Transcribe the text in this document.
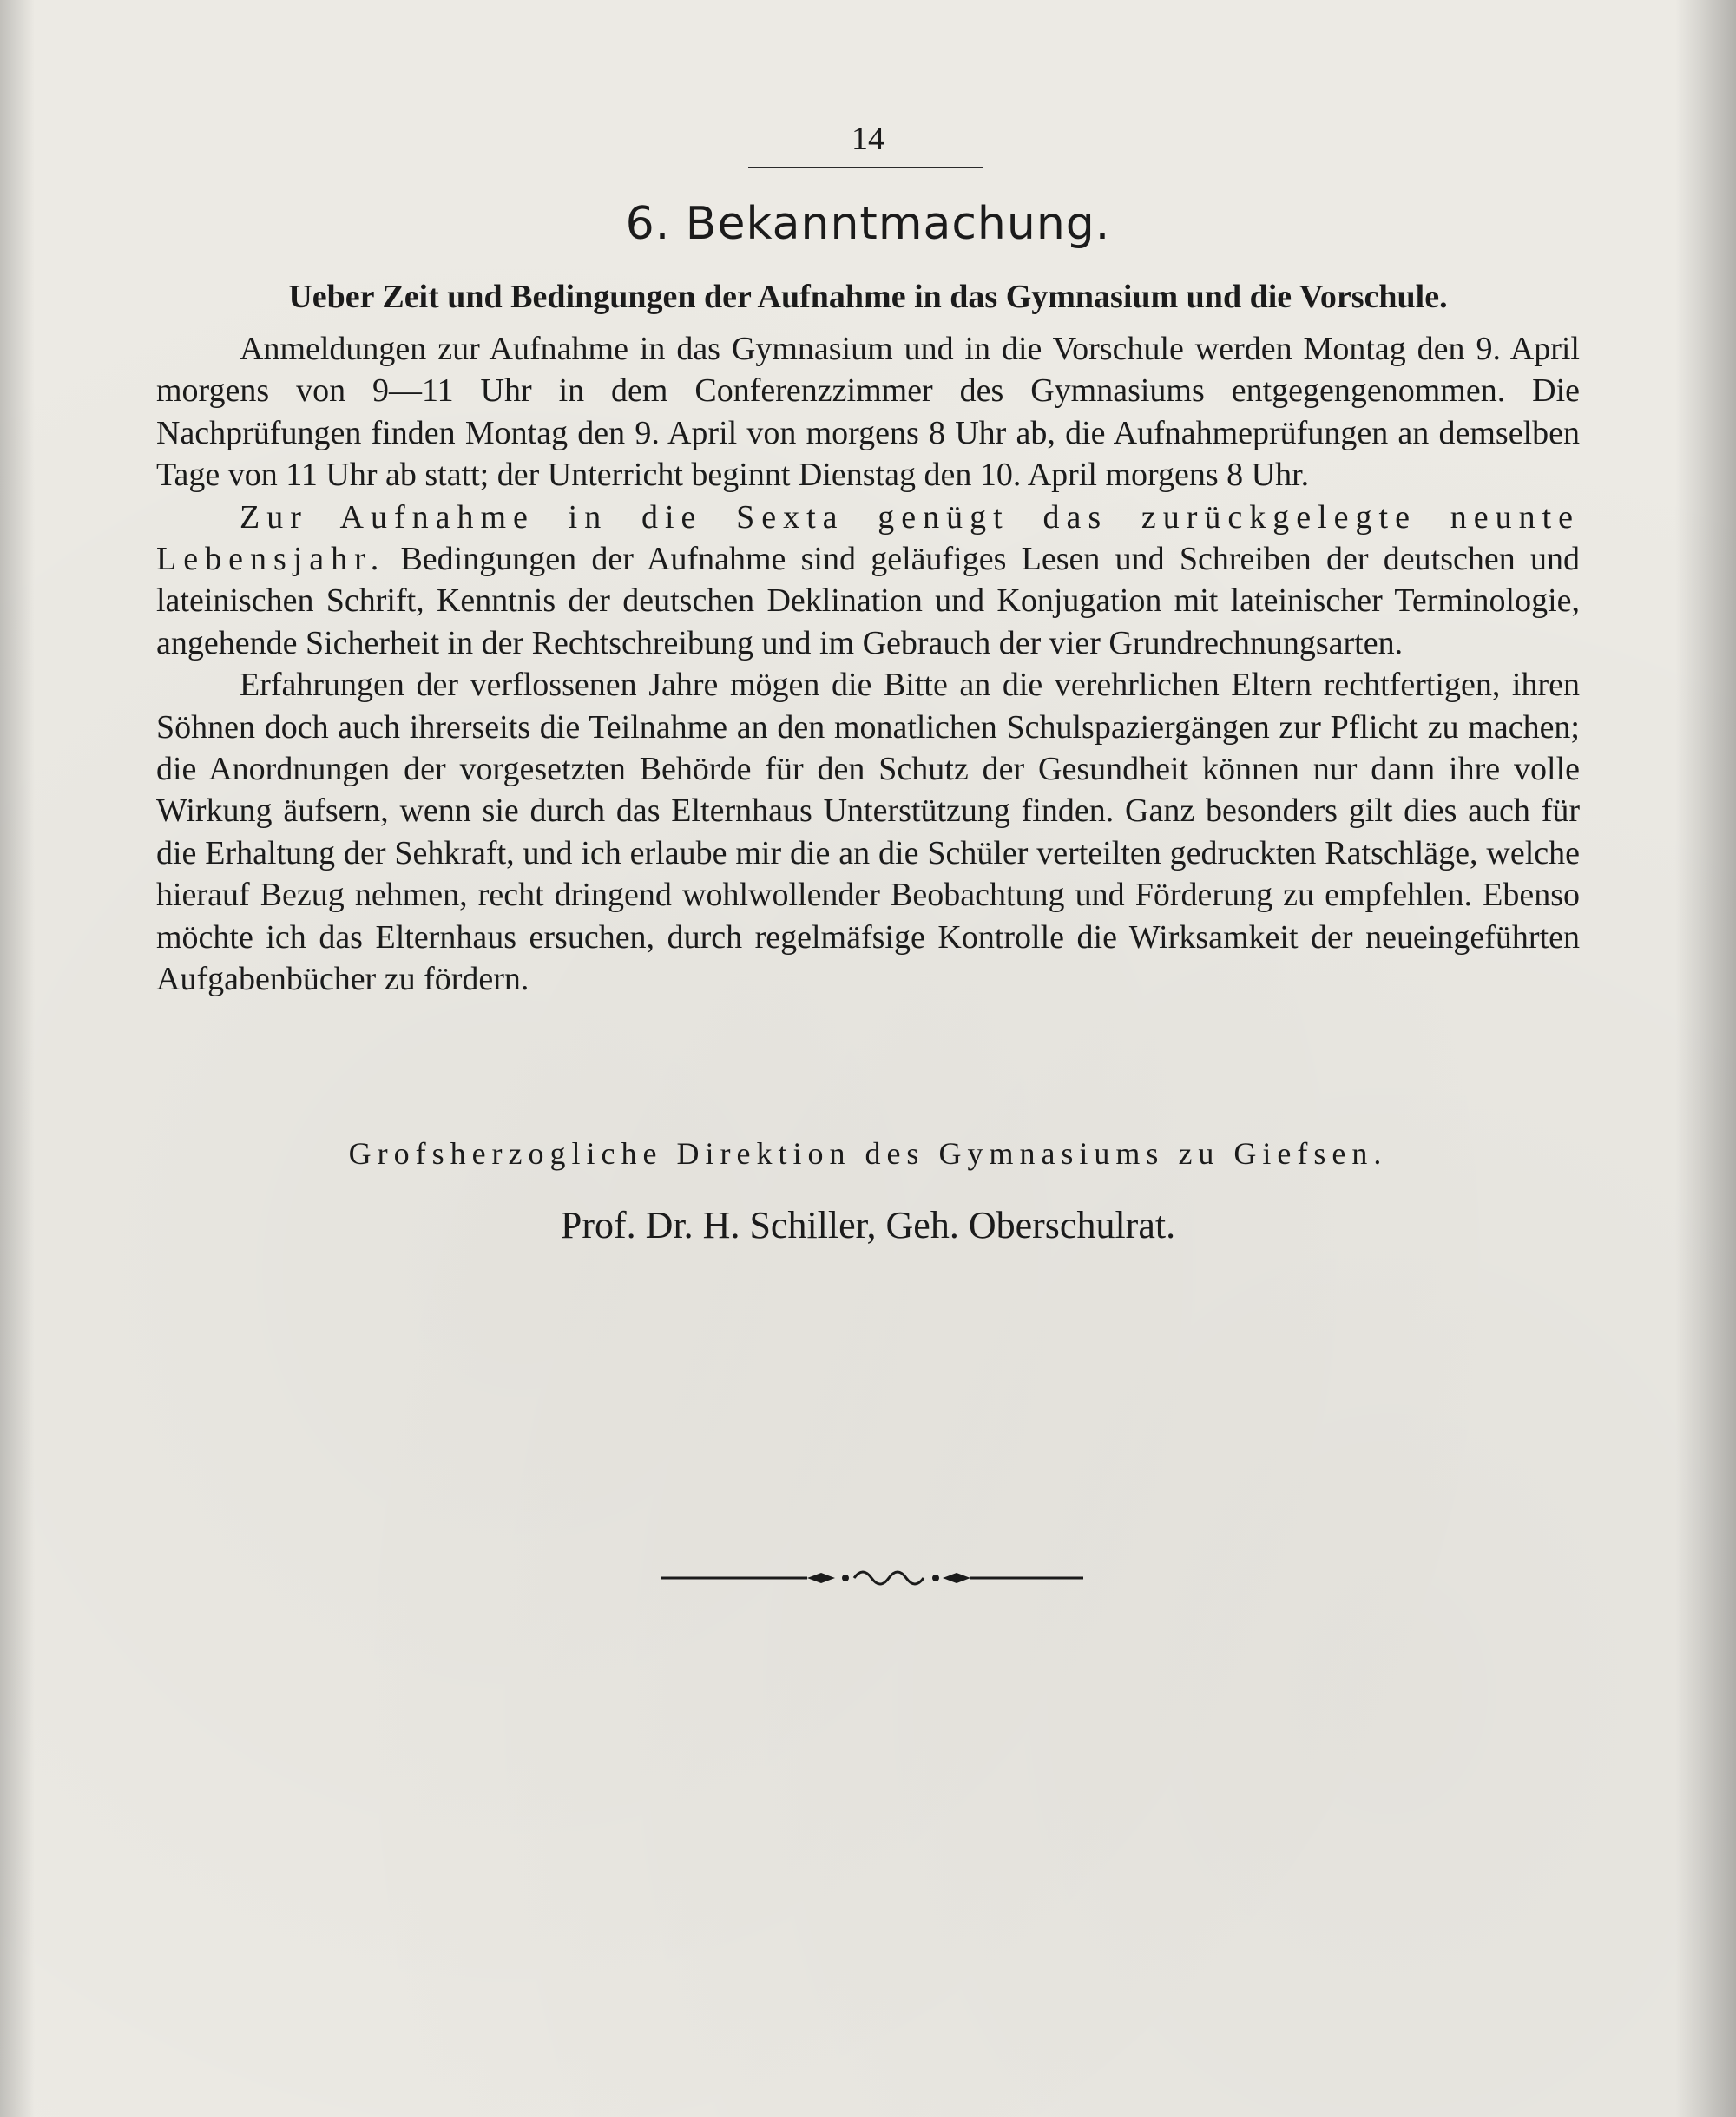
14
6. Bekanntmachung.
Ueber Zeit und Bedingungen der Aufnahme in das Gymnasium und die Vorschule.

Anmeldungen zur Aufnahme in das Gymnasium und in die Vorschule werden Montag den 9. April morgens von 9—11 Uhr in dem Conferenzzimmer des Gymnasiums entgegengenommen. Die Nachprüfungen finden Montag den 9. April von morgens 8 Uhr ab, die Aufnahmeprüfungen an demselben Tage von 11 Uhr ab statt; der Unterricht beginnt Dienstag den 10. April morgens 8 Uhr.

Zur Aufnahme in die Sexta genügt das zurückgelegte neunte Lebensjahr. Bedingungen der Aufnahme sind geläufiges Lesen und Schreiben der deutschen und lateinischen Schrift, Kenntnis der deutschen Deklination und Konjugation mit lateinischer Terminologie, angehende Sicherheit in der Rechtschreibung und im Gebrauch der vier Grundrechnungsarten.

Erfahrungen der verflossenen Jahre mögen die Bitte an die verehrlichen Eltern rechtfertigen, ihren Söhnen doch auch ihrerseits die Teilnahme an den monatlichen Schulspaziergängen zur Pflicht zu machen; die Anordnungen der vorgesetzten Behörde für den Schutz der Gesundheit können nur dann ihre volle Wirkung äufsern, wenn sie durch das Elternhaus Unterstützung finden. Ganz besonders gilt dies auch für die Erhaltung der Sehkraft, und ich erlaube mir die an die Schüler verteilten gedruckten Ratschläge, welche hierauf Bezug nehmen, recht dringend wohlwollender Beobachtung und Förderung zu empfehlen. Ebenso möchte ich das Elternhaus ersuchen, durch regelmäfsige Kontrolle die Wirksamkeit der neueingeführten Aufgabenbücher zu fördern.

Grofsherzogliche Direktion des Gymnasiums zu Giefsen.
Prof. Dr. H. Schiller, Geh. Oberschulrat.
